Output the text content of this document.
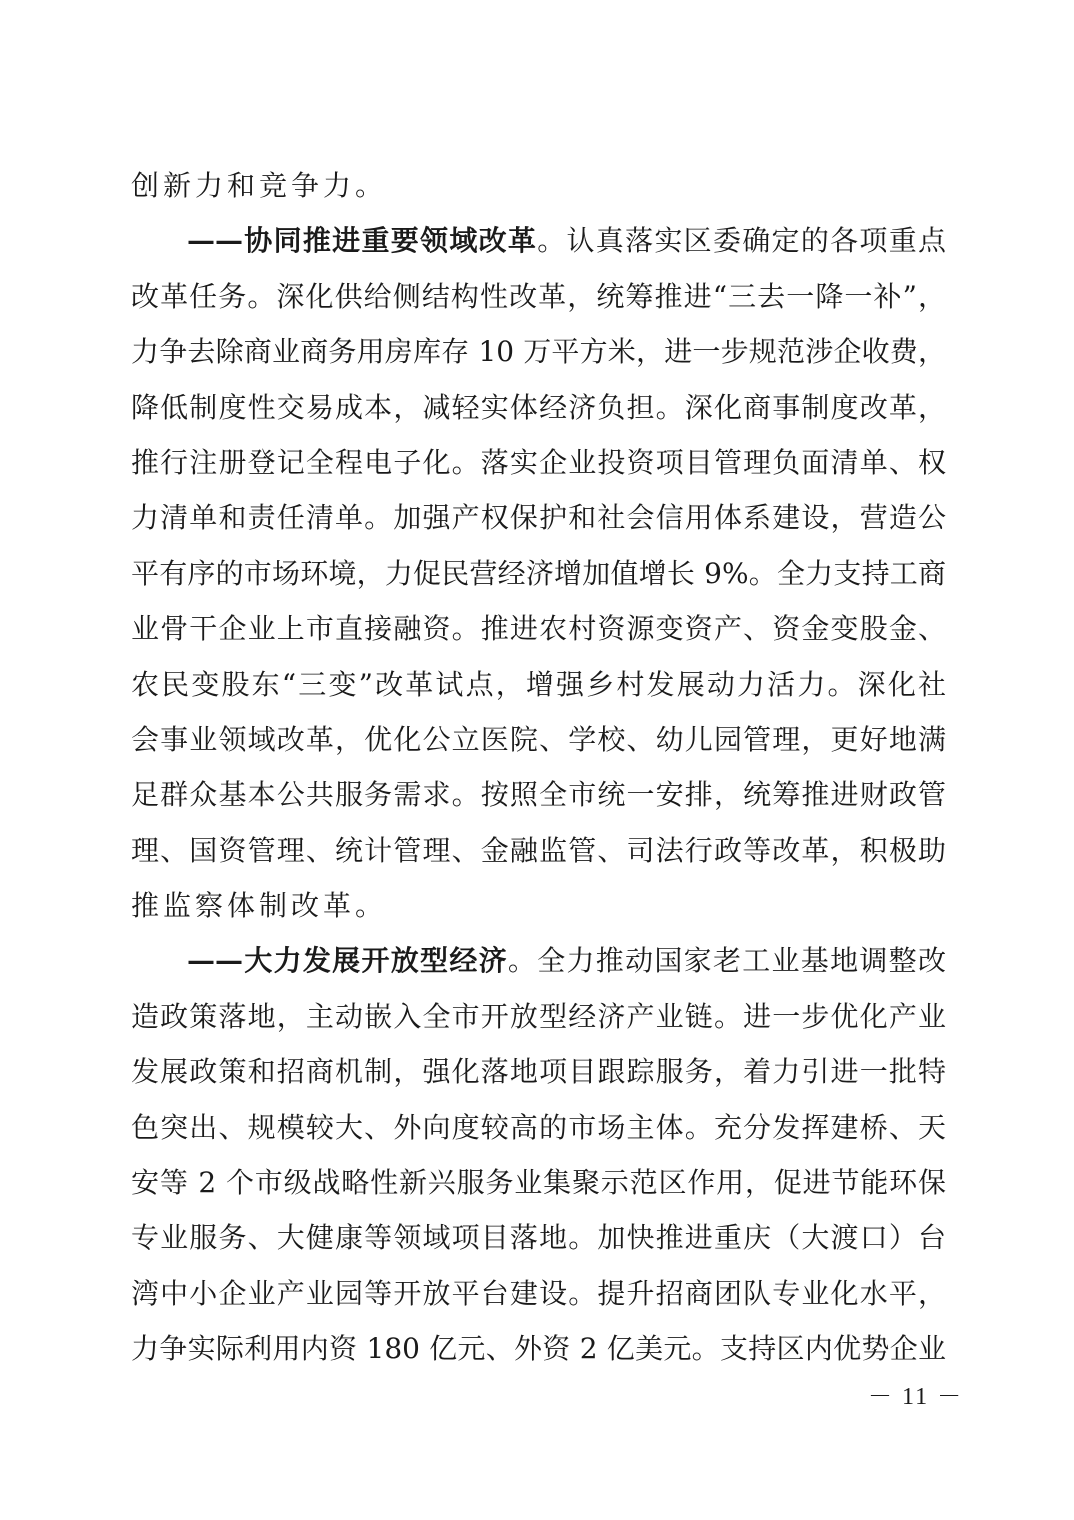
创新力和竞争力。
——协同推进重要领域改革。认真落实区委确定的各项重点
改革任务。深化供给侧结构性改革，统筹推进“三去一降一补”，
力争去除商业商务用房库存 10 万平方米，进一步规范涉企收费，
降低制度性交易成本，减轻实体经济负担。深化商事制度改革，
推行注册登记全程电子化。落实企业投资项目管理负面清单、权
力清单和责任清单。加强产权保护和社会信用体系建设，营造公
平有序的市场环境，力促民营经济增加值增长 9%。全力支持工商
业骨干企业上市直接融资。推进农村资源变资产、资金变股金、
农民变股东“三变”改革试点，增强乡村发展动力活力。深化社
会事业领域改革，优化公立医院、学校、幼儿园管理，更好地满
足群众基本公共服务需求。按照全市统一安排，统筹推进财政管
理、国资管理、统计管理、金融监管、司法行政等改革，积极助
推监察体制改革。
——大力发展开放型经济。全力推动国家老工业基地调整改
造政策落地，主动嵌入全市开放型经济产业链。进一步优化产业
发展政策和招商机制，强化落地项目跟踪服务，着力引进一批特
色突出、规模较大、外向度较高的市场主体。充分发挥建桥、天
安等 2 个市级战略性新兴服务业集聚示范区作用，促进节能环保
专业服务、大健康等领域项目落地。加快推进重庆（大渡口）台
湾中小企业产业园等开放平台建设。提升招商团队专业化水平，
力争实际利用内资 180 亿元、外资 2 亿美元。支持区内优势企业
－ 11 －
